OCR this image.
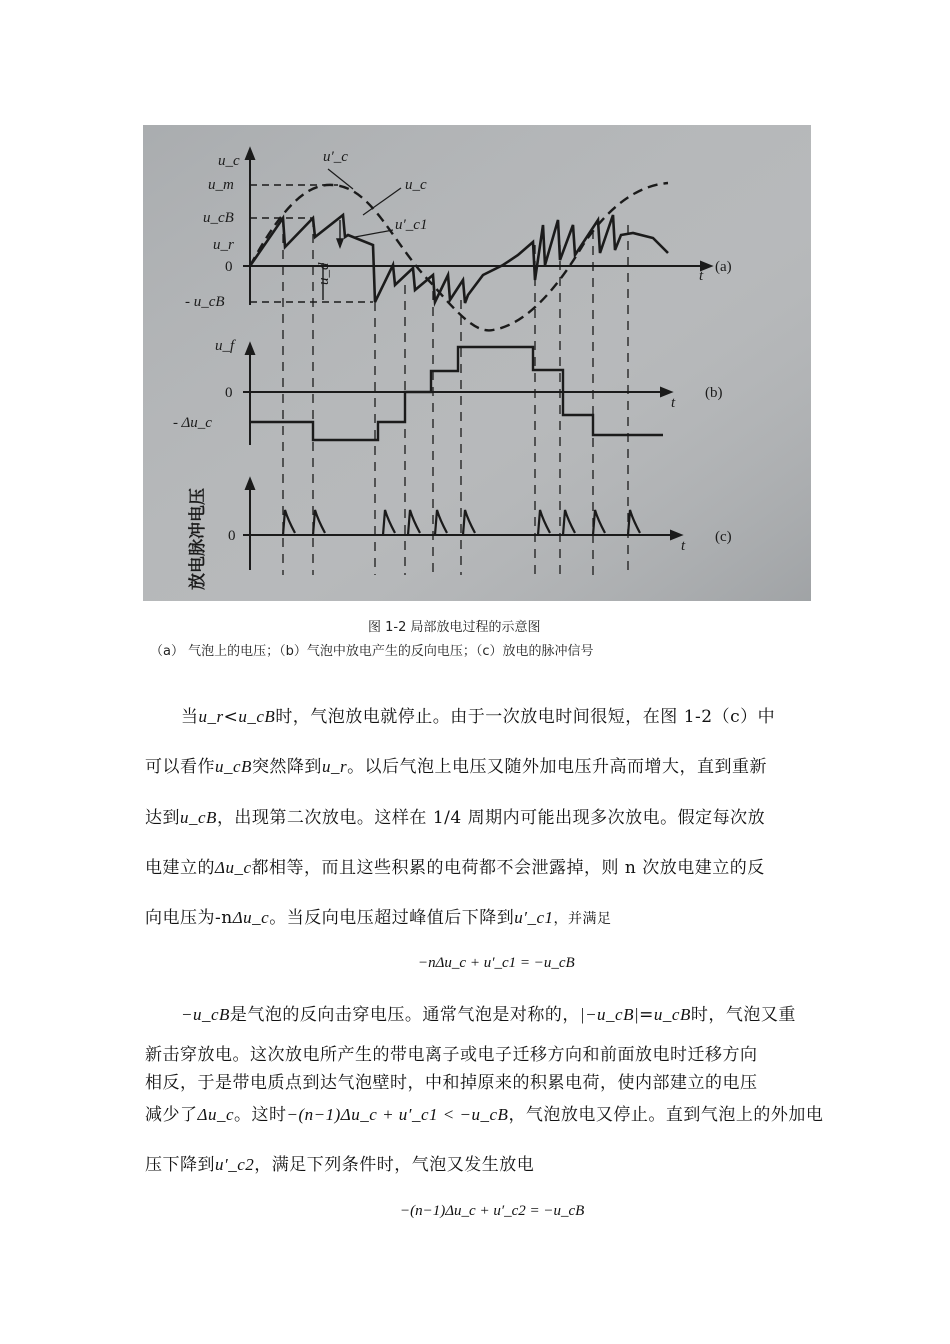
u_c
u_m
u_cB
u_r
0
- u_cB
u_d
u′_c
u_c
u′_c1
t
(a)
u_f
0
- Δu_c
t
(b)
0
t
(c)
放电脉冲电压
图 1-2 局部放电过程的示意图
（a） 气泡上的电压；（b）气泡中放电产生的反向电压；（c）放电的脉冲信号
当u_r<u_cB时，气泡放电就停止。由于一次放电时间很短，在图 1-2（c）中
可以看作u_cB突然降到u_r。以后气泡上电压又随外加电压升高而增大，直到重新
达到u_cB，出现第二次放电。这样在 1/4 周期内可能出现多次放电。假定每次放
电建立的Δu_c都相等，而且这些积累的电荷都不会泄露掉，则 n 次放电建立的反
向电压为-nΔu_c。当反向电压超过峰值后下降到u′_c1，并满足
−nΔu_c + u′_c1 = −u_cB
−u_cB是气泡的反向击穿电压。通常气泡是对称的，|−u_cB|=u_cB时，气泡又重
新击穿放电。这次放电所产生的带电离子或电子迁移方向和前面放电时迁移方向
相反，于是带电质点到达气泡壁时，中和掉原来的积累电荷，使内部建立的电压
减少了Δu_c。这时−(n−1)Δu_c + u′_c1 < −u_cB，气泡放电又停止。直到气泡上的外加电
压下降到u′_c2，满足下列条件时，气泡又发生放电
−(n−1)Δu_c + u′_c2 = −u_cB
